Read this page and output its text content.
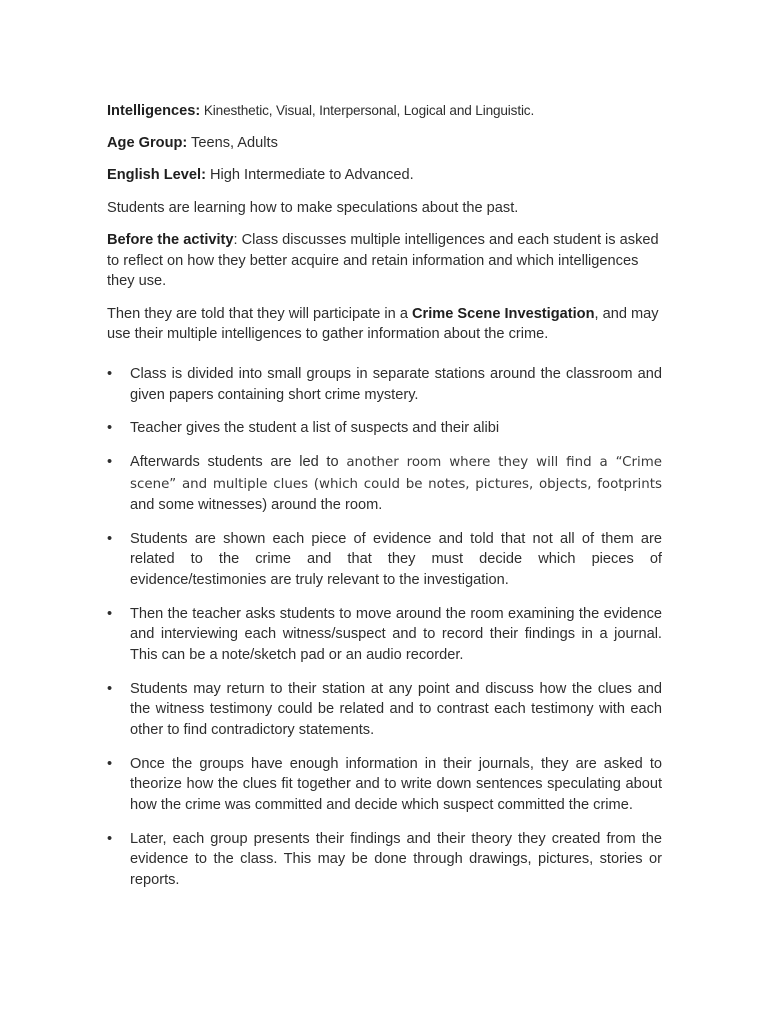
Intelligences: Kinesthetic, Visual, Interpersonal, Logical and Linguistic.

Age Group: Teens, Adults

English Level: High Intermediate to Advanced.

Students are learning how to make speculations about the past.

Before the activity: Class discusses multiple intelligences and each student is asked to reflect on how they better acquire and retain information and which intelligences they use.

Then they are told that they will participate in a Crime Scene Investigation, and may use their multiple intelligences to gather information about the crime.

•	Class is divided into small groups in separate stations around the classroom and given papers containing short crime mystery.
•	Teacher gives the student a list of suspects and their alibi
•	Afterwards students are led to another room where they will find a “Crime scene” and multiple clues (which could be notes, pictures, objects, footprints and some witnesses) around the room.
•	Students are shown each piece of evidence and told that not all of them are related to the crime and that they must decide which pieces of evidence/testimonies are truly relevant to the investigation.
•	Then the teacher asks students to move around the room examining the evidence and interviewing each witness/suspect and to record their findings in a journal. This can be a note/sketch pad or an audio recorder.
•	Students may return to their station at any point and discuss how the clues and the witness testimony could be related and to contrast each testimony with each other to find contradictory statements.
•	Once the groups have enough information in their journals, they are asked to theorize how the clues fit together and to write down sentences speculating about how the crime was committed and decide which suspect committed the crime.
•	Later, each group presents their findings and their theory they created from the evidence to the class. This may be done through drawings, pictures, stories or reports.
